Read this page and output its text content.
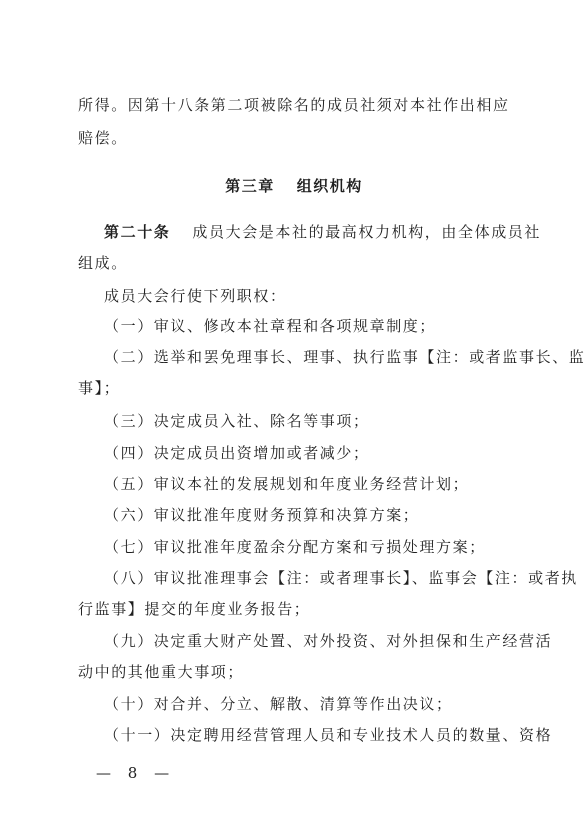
所得。因第十八条第二项被除名的成员社须对本社作出相应
赔偿。
第三章 组织机构
第二十条 成员大会是本社的最高权力机构，由全体成员社
组成。
成员大会行使下列职权：
（一）审议、修改本社章程和各项规章制度；
（二）选举和罢免理事长、理事、执行监事【注：或者监事长、监
事】；
（三）决定成员入社、除名等事项；
（四）决定成员出资增加或者减少；
（五）审议本社的发展规划和年度业务经营计划；
（六）审议批准年度财务预算和决算方案；
（七）审议批准年度盈余分配方案和亏损处理方案；
（八）审议批准理事会【注：或者理事长】、监事会【注：或者执
行监事】提交的年度业务报告；
（九）决定重大财产处置、对外投资、对外担保和生产经营活
动中的其他重大事项；
（十）对合并、分立、解散、清算等作出决议；
（十一）决定聘用经营管理人员和专业技术人员的数量、资格
— 8 —
